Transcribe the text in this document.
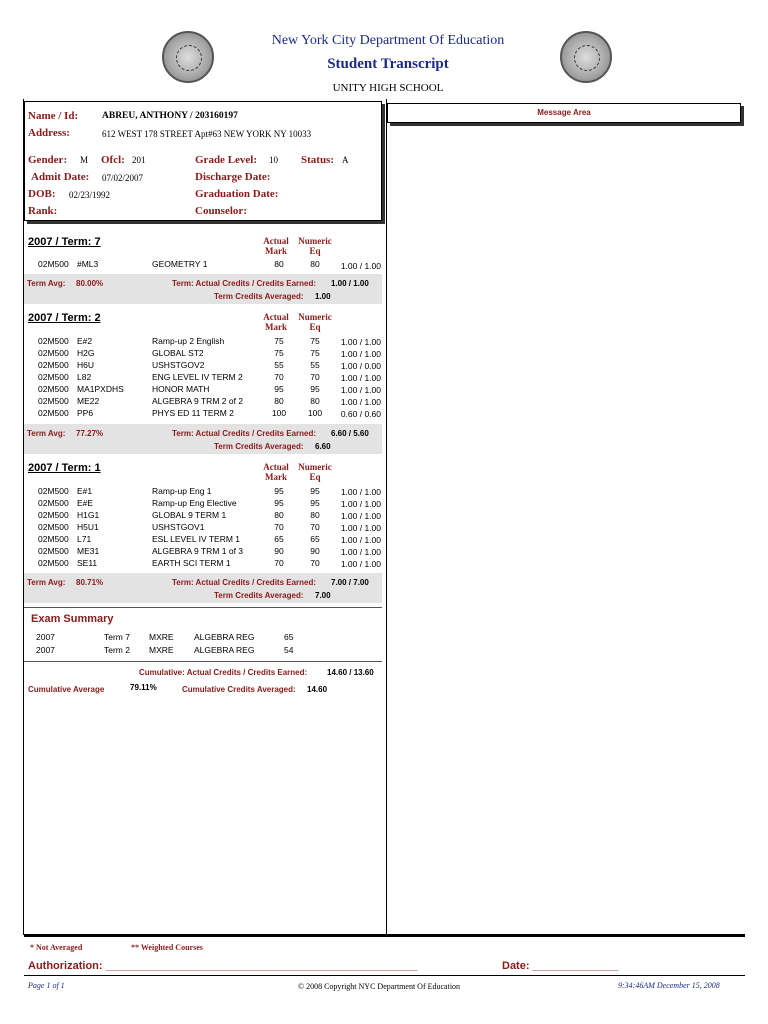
New York City Department Of Education
Student Transcript
UNITY HIGH SCHOOL
Name / Id:	ABREU, ANTHONY / 203160197
Address:	612 WEST 178 STREET Apt#63 NEW YORK NY 10033
Gender: M Ofcl: 201	Grade Level: 10 Status: A
Admit Date: 07/02/2007	Discharge Date:
DOB: 02/23/1992	Graduation Date:
Rank:	Counselor:
Message Area
2007 / Term: 7	Actual
Mark
Numeric
Eq
02M500 #ML3	GEOMETRY 1	80	80	1.00 / 1.00
Term Avg: 80.00%	Term: Actual Credits / Credits Earned: 1.00 / 1.00
Term Credits Averaged: 1.00
2007 / Term: 2	Actual
Mark
Numeric
Eq
02M500 E#2	Ramp-up 2 English	75	75	1.00 / 1.00
02M500 H2G	GLOBAL ST2	75	75	1.00 / 1.00
02M500 H6U	USHSTGOV2	55	55	1.00 / 0.00
02M500 L82	ENG LEVEL IV TERM 2	70	70	1.00 / 1.00
02M500 MA1PXDHS	HONOR MATH	95	95	1.00 / 1.00
02M500 ME22	ALGEBRA 9 TRM 2 of 2	80	80	1.00 / 1.00
02M500 PP6	PHYS ED 11 TERM 2	100	100	0.60 / 0.60
Term Avg: 77.27%	Term: Actual Credits / Credits Earned: 6.60 / 5.60
Term Credits Averaged: 6.60
2007 / Term: 1	Actual
Mark
Numeric
Eq
02M500 E#1	Ramp-up Eng 1	95	95	1.00 / 1.00
02M500 E#E	Ramp-up Eng Elective	95	95	1.00 / 1.00
02M500 H1G1	GLOBAL 9 TERM 1	80	80	1.00 / 1.00
02M500 H5U1	USHSTGOV1	70	70	1.00 / 1.00
02M500 L71	ESL LEVEL IV TERM 1	65	65	1.00 / 1.00
02M500 ME31	ALGEBRA 9 TRM 1 of 3	90	90	1.00 / 1.00
02M500 SE11	EARTH SCI TERM 1	70	70	1.00 / 1.00
Term Avg: 80.71%	Term: Actual Credits / Credits Earned: 7.00 / 7.00
Term Credits Averaged: 7.00
Exam Summary
2007	Term 7 MXRE ALGEBRA REG	65
2007	Term 2 MXRE ALGEBRA REG	54
Cumulative: Actual Credits / Credits Earned: 14.60 / 13.60
Cumulative Average	79.11%	Cumulative Credits Averaged: 14.60
* Not Averaged	** Weighted Courses
Authorization: ___________________________________________________	Date: ______________
Page 1 of 1	© 2008 Copyright NYC Department Of Education	9:34:46AM December 15, 2008
